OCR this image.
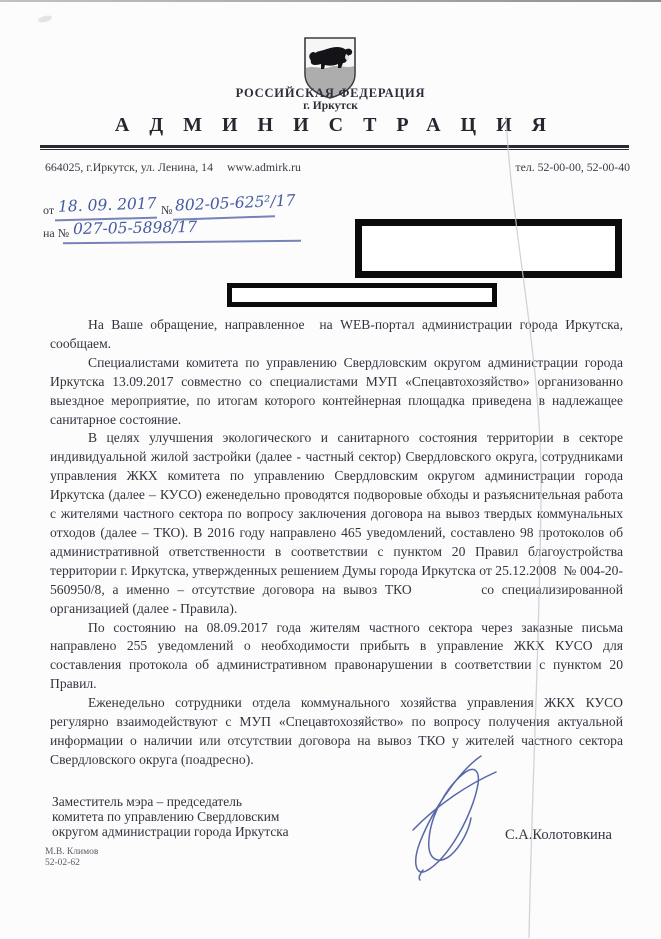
РОССИЙСКАЯ ФЕДЕРАЦИЯ
г. Иркутск
АДМИНИСТРАЦИЯ
664025, г.Иркутск, ул. Ленина, 14 www.admirk.ru	тел. 52-00-00, 52-00-40
от 18. 09. 2017 № 802-05-625²/17
на № 027-05-5898/17

На Ваше обращение, направленное  на WEB-портал администрации города Иркутска, сообщаем.

Специалистами комитета по управлению Свердловским округом администрации города Иркутска 13.09.2017 совместно со специалистами МУП «Спецавтохозяйство» организованно выездное мероприятие, по итогам которого контейнерная площадка приведена в надлежащее санитарное состояние.

В целях улучшения экологического и санитарного состояния территории в секторе индивидуальной жилой застройки (далее - частный сектор) Свердловского округа, сотрудниками управления ЖКХ комитета по управлению Свердловским округом администрации города Иркутска (далее – КУСО) еженедельно проводятся подворовые обходы и разъяснительная работа с жителями частного сектора по вопросу заключения договора на вывоз твердых коммунальных отходов (далее – ТКО). В 2016 году направлено 465 уведомлений, составлено 98 протоколов об административной ответственности в соответствии с пунктом 20 Правил благоустройства территории г. Иркутска, утвержденных решением Думы города Иркутска от 25.12.2008  № 004-20-560950/8, а именно – отсутствие договора на вывоз ТКО         со специализированной организацией (далее - Правила).

По состоянию на 08.09.2017 года жителям частного сектора через заказные письма направлено 255 уведомлений о необходимости прибыть в управление ЖКХ КУСО для составления протокола об административном правонарушении в соответствии с пунктом 20 Правил.

Еженедельно сотрудники отдела коммунального хозяйства управления ЖКХ КУСО регулярно взаимодействуют с МУП «Спецавтохозяйство» по вопросу получения актуальной информации о наличии или отсутствии договора на вывоз ТКО у жителей частного сектора Свердловского округа (поадресно).

Заместитель мэра – председатель
комитета по управлению Свердловским
округом администрации города Иркутска	С.А.Колотовкина
М.В. Климов
52-02-62
